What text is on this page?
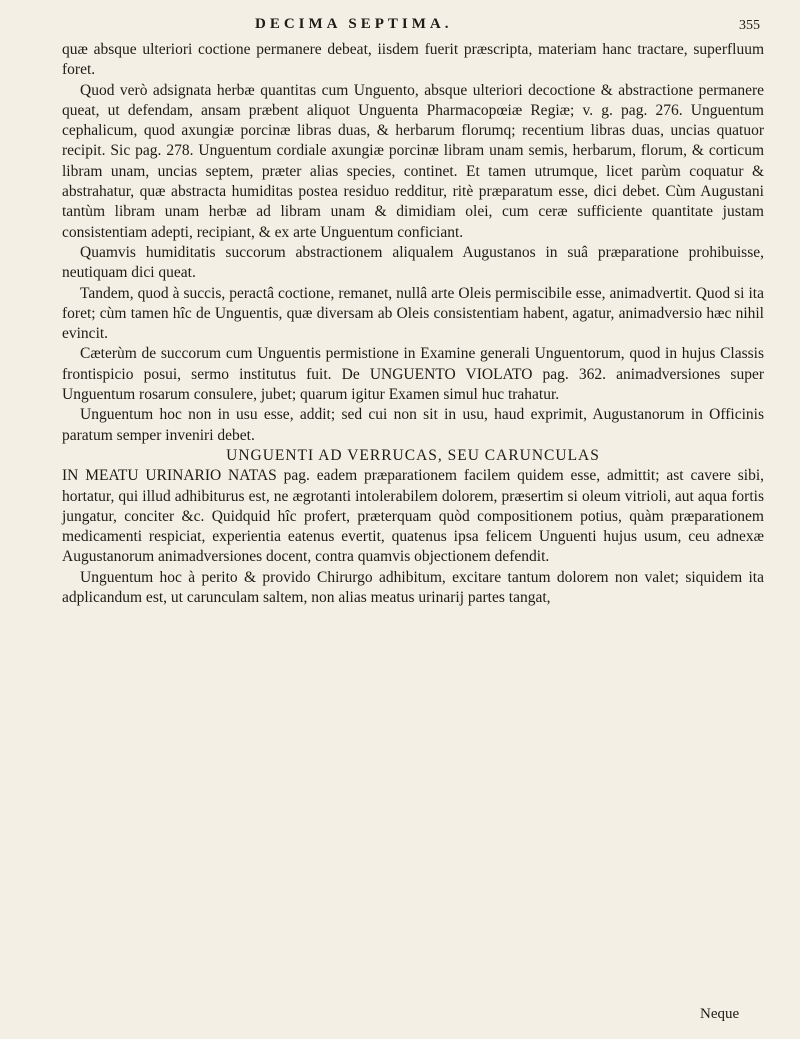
DECIMA SEPTIMA.	355

quæ absque ulteriori coctione permanere debeat, iisdem fuerit præscripta, materiam hanc tractare, superfluum foret.

Quod verò adsignata herbæ quantitas cum Unguento, absque ulteriori decoctione & abstractione permanere queat, ut defendam, ansam præbent aliquot Unguenta Pharmacopœiæ Regiæ; v. g. pag. 276. Unguentum cephalicum, quod axungiæ porcinæ libras duas, & herbarum florumq; recentium libras duas, uncias quatuor recipit. Sic pag. 278. Unguentum cordiale axungiæ porcinæ libram unam semis, herbarum, florum, & corticum libram unam, uncias septem, præter alias species, continet. Et tamen utrumque, licet parùm coquatur & abstrahatur, quæ abstracta humiditas postea residuo redditur, ritè præparatum esse, dici debet. Cùm Augustani tantùm libram unam herbæ ad libram unam & dimidiam olei, cum ceræ sufficiente quantitate justam consistentiam adepti, recipiant, & ex arte Unguentum conficiant.

Quamvis humiditatis succorum abstractionem aliqualem Augustanos in suâ præparatione prohibuisse, neutiquam dici queat.

Tandem, quod à succis, peractâ coctione, remanet, nullâ arte Oleis permiscibile esse, animadvertit. Quod si ita foret; cùm tamen hîc de Unguentis, quæ diversam ab Oleis consistentiam habent, agatur, animadversio hæc nihil evincit.

Cæterùm de succorum cum Unguentis permistione in Examine generali Unguentorum, quod in hujus Classis frontispicio posui, sermo institutus fuit. De UNGUENTO VIOLATO pag. 362. animadversiones super Unguentum rosarum consulere, jubet; quarum igitur Examen simul huc trahatur.

Unguentum hoc non in usu esse, addit; sed cui non sit in usu, haud exprimit, Augustanorum in Officinis paratum semper inveniri debet.

UNGUENTI AD VERRUCAS, SEU CARUNCULAS

IN MEATU URINARIO NATAS pag. eadem præparationem facilem quidem esse, admittit; ast cavere sibi, hortatur, qui illud adhibiturus est, ne ægrotanti intolerabilem dolorem, præsertim si oleum vitrioli, aut aqua fortis jungatur, conciter &c. Quidquid hîc profert, præterquam quòd compositionem potius, quàm præparationem medicamenti respiciat, experientia eatenus evertit, quatenus ipsa felicem Unguenti hujus usum, ceu adnexæ Augustanorum animadversiones docent, contra quamvis objectionem defendit.

Unguentum hoc à perito & provido Chirurgo adhibitum, excitare tantum dolorem non valet; siquidem ita adplicandum est, ut carunculam saltem, non alias meatus urinarij partes tangat,

Neque
